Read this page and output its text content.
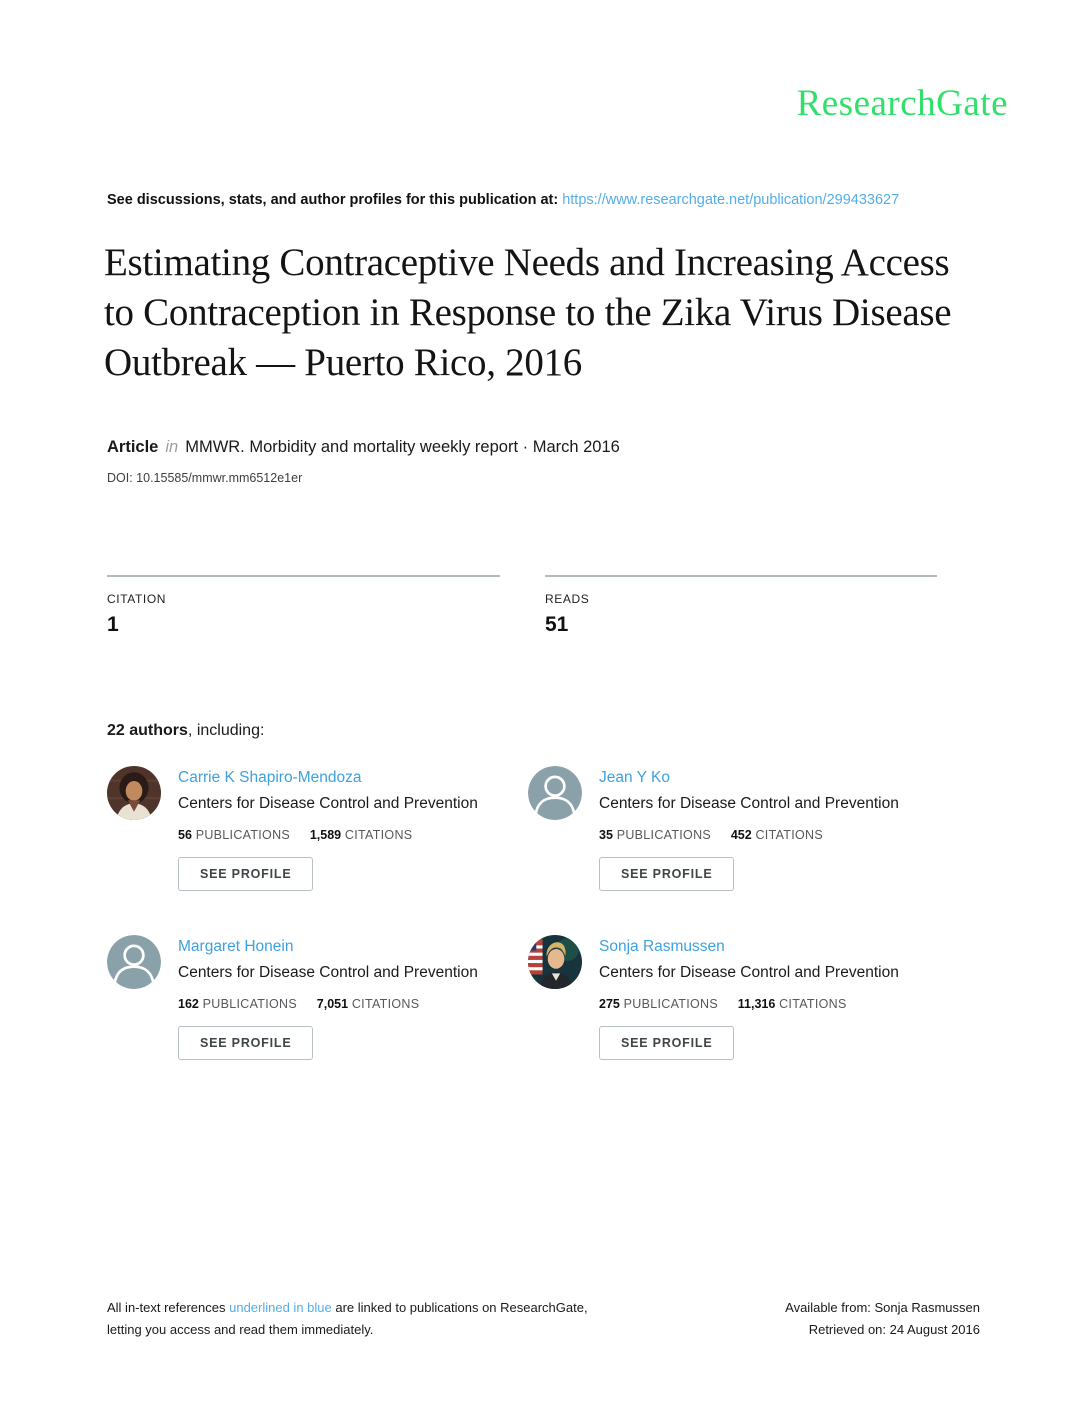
ResearchGate
See discussions, stats, and author profiles for this publication at: https://www.researchgate.net/publication/299433627
Estimating Contraceptive Needs and Increasing Access to Contraception in Response to the Zika Virus Disease Outbreak — Puerto Rico, 2016
Article in MMWR. Morbidity and mortality weekly report · March 2016
DOI: 10.15585/mmwr.mm6512e1er
CITATION
1
READS
51
22 authors, including:
Carrie K Shapiro-Mendoza
Centers for Disease Control and Prevention
56 PUBLICATIONS 1,589 CITATIONS
SEE PROFILE
Jean Y Ko
Centers for Disease Control and Prevention
35 PUBLICATIONS 452 CITATIONS
SEE PROFILE
Margaret Honein
Centers for Disease Control and Prevention
162 PUBLICATIONS 7,051 CITATIONS
SEE PROFILE
Sonja Rasmussen
Centers for Disease Control and Prevention
275 PUBLICATIONS 11,316 CITATIONS
SEE PROFILE
All in-text references underlined in blue are linked to publications on ResearchGate,
letting you access and read them immediately.
Available from: Sonja Rasmussen
Retrieved on: 24 August 2016
